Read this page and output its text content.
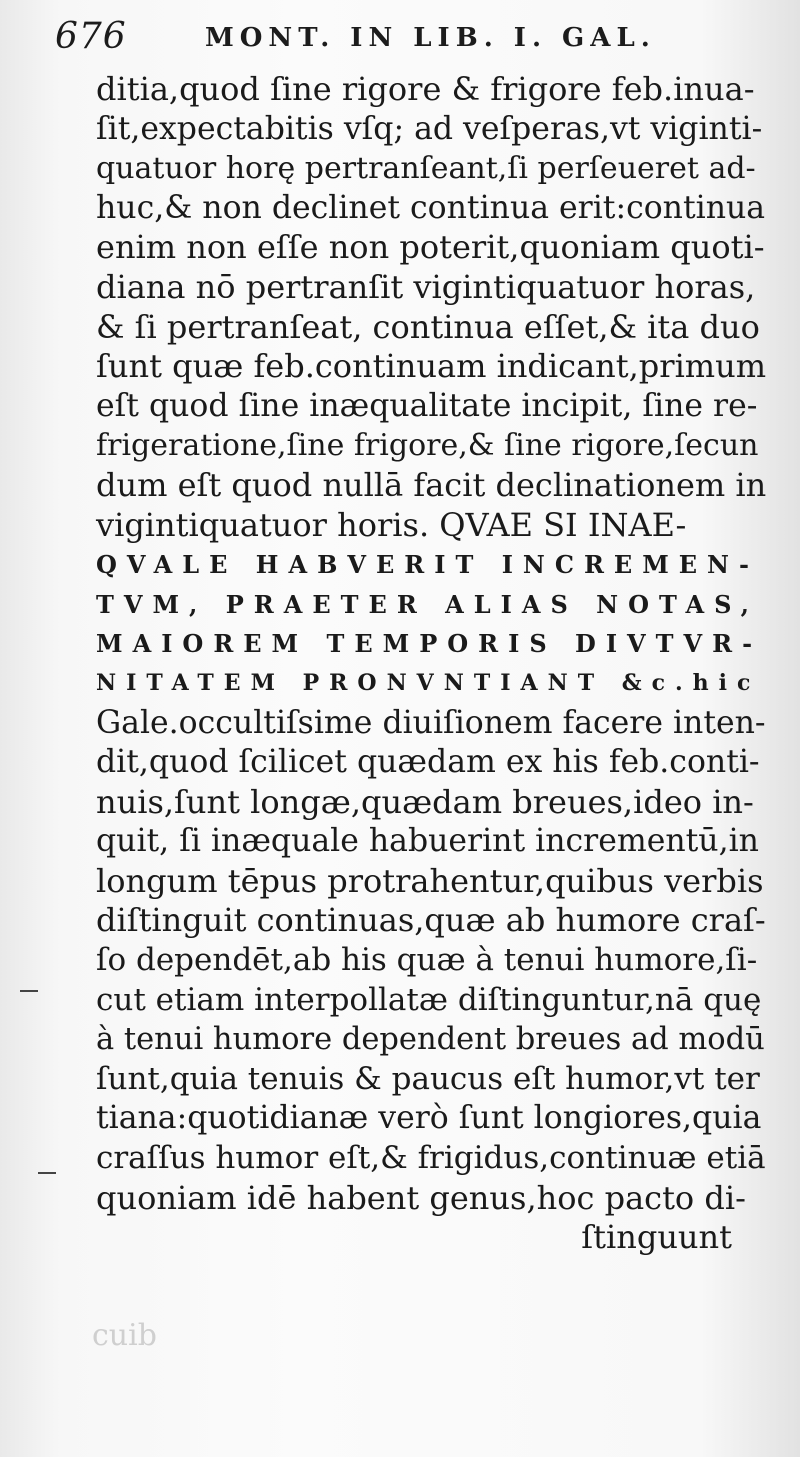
676	MONT. IN LIB. I. GAL.
ditia,quod ſine rigore & frigore feb.inua-
ſit,expectabitis vſq; ad veſperas,vt viginti-
quatuor horę pertranſeant,ſi perſeueret ad-
huc,& non declinet continua erit:continua
enim non eſſe non poterit,quoniam quoti-
diana nō pertranſit vigintiquatuor horas,
& ſi pertranſeat, continua eſſet,& ita duo
ſunt quæ feb.continuam indicant,primum
eſt quod ſine inæqualitate incipit, ſine re-
frigeratione,ſine frigore,& ſine rigore,ſecun
dum eſt quod nullā facit declinationem in
vigintiquatuor horis. QVAE SI INAE-
QVALE HABVERIT INCREMEN-
TVM, PRAETER ALIAS NOTAS,
MAIOREM TEMPORIS DIVTVR-
NITATEM PRONVNTIANT &c.hic
Gale.occultiſsime diuiſionem facere inten-
dit,quod ſcilicet quædam ex his feb.conti-
nuis,ſunt longæ,quædam breues,ideo in-
quit, ſi inæquale habuerint incrementū,in
longum tēpus protrahentur,quibus verbis
diſtinguit continuas,quæ ab humore craſ-
ſo dependēt,ab his quæ à tenui humore,ſi-
cut etiam interpollatæ diſtinguntur,nā quę
à tenui humore dependent breues ad modū
ſunt,quia tenuis & paucus eſt humor,vt ter
tiana:quotidianæ verò ſunt longiores,quia
craſſus humor eſt,& frigidus,continuæ etiā
quoniam idē habent genus,hoc pacto di-
ſtinguunt
cuib
